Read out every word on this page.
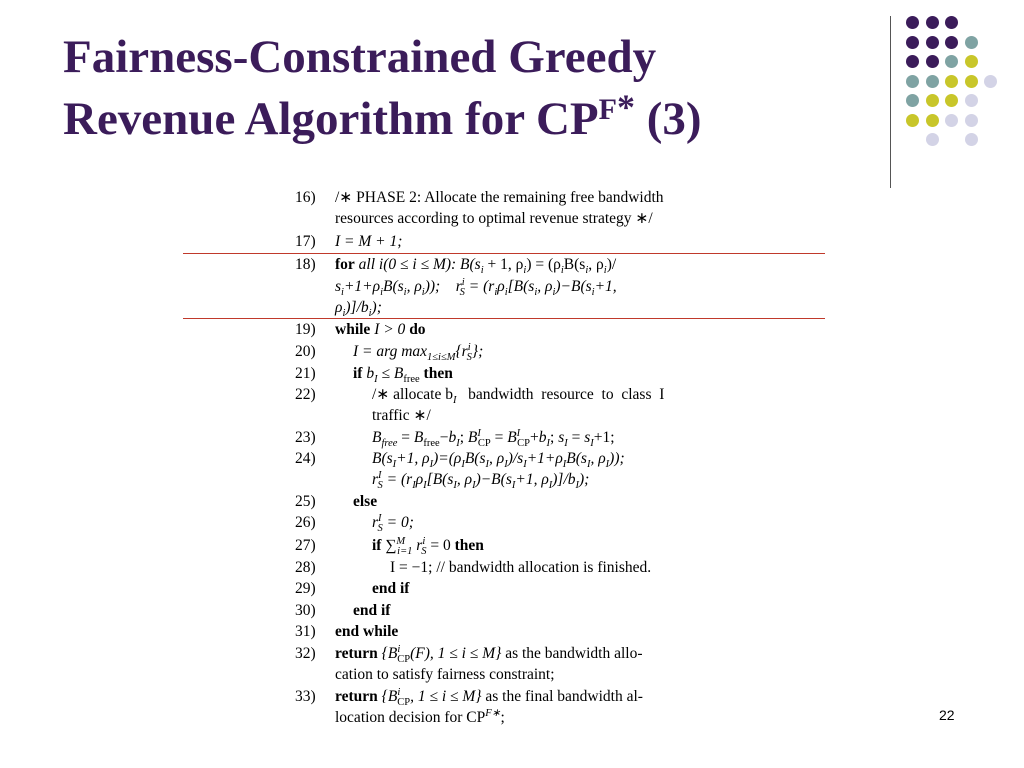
Fairness-Constrained Greedy
Revenue Algorithm for $CP^{F*}$ (3)
16) /∗ PHASE 2: Allocate the remaining free bandwidth
resources according to optimal revenue strategy ∗/
17) I = M + 1;
18) for all i(0 ≤ i ≤ M): $B(s_i + 1$, $\rho_i) = (\rho_iB(s_i$, $\rho_i)/$
$s_i+1+\rho_iB(s_i$, $\rho_i$));    $r^i_S = (r_i\rho_i[B(s_i$, $\rho_i)-B(s_i+1$,
$\rho_i)]/b_i$);
19) while I > 0 do
20) I = arg $\max_{1\le i\le M}\{r^i_S\}$;
21) if $b_I \le B_{free}$ then
22)	/∗ allocate $b_I$   bandwidth  resource  to  class  I
traffic ∗/
23)	$B_{free} = B_{free}-b_I$; $B^I_{CP} = B^I_{CP}+b_I$; $s_I = s_I+1$;
24)	$B(s_I+1$, $\rho_I)=(\rho_IB(s_I$, $\rho_I)/s_I+1+\rho_IB(s_I$, $\rho_I$));
$r^I_S = (r_I\rho_I[B(s_I$, $\rho_I)-B(s_I+1$, $\rho_I)]/b_I$);
25) else
26)	$r^I_S = 0$;
27)	if ∑$^M_{i=1}$ $r^i_S = 0$ then
28)	I = −1; // bandwidth allocation is finished.
29)	end if
30) end if
31) end while
32) return {$B^i_{CP}(F)$, 1 ≤ i ≤ M} as the bandwidth allo-
cation to satisfy fairness constraint;
33) return {$B^i_{CP}$, 1 ≤ i ≤ M} as the final bandwidth al-
location decision for $CP^{F∗}$;	22
